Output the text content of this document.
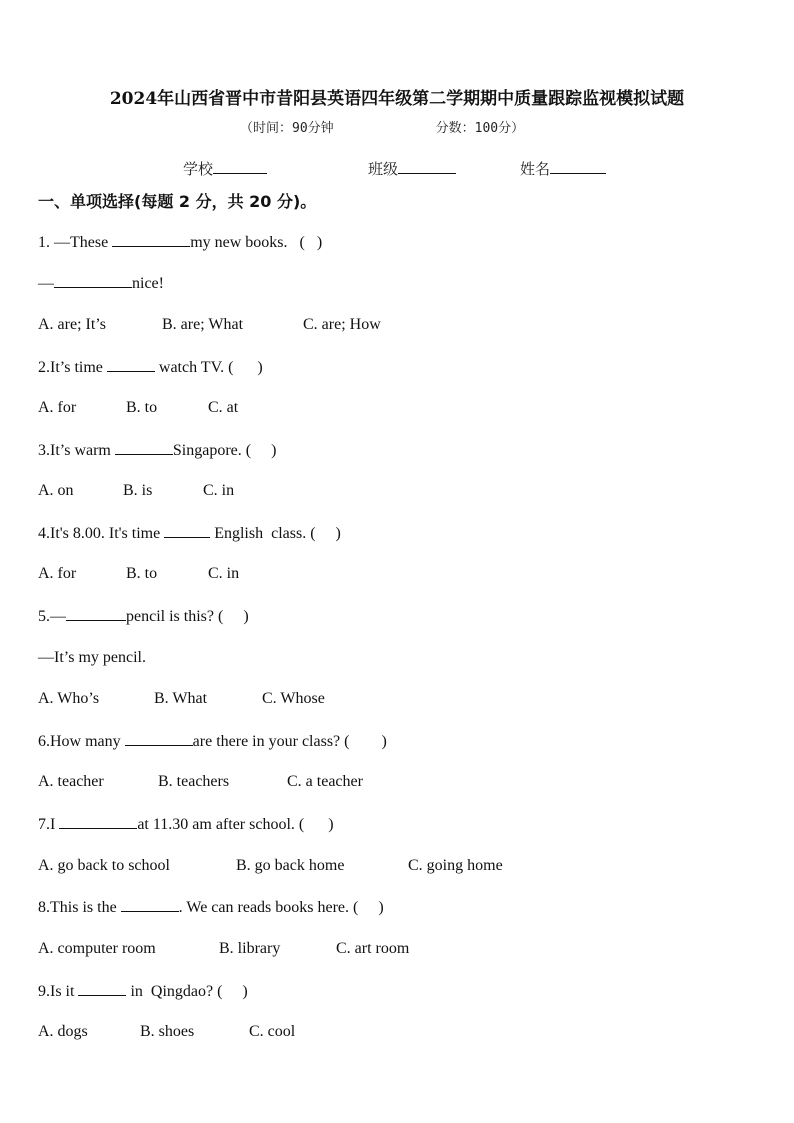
2024年山西省晋中市昔阳县英语四年级第二学期期中质量跟踪监视模拟试题
（时间：90分钟	分数：100分）
学校	班级	姓名
一、单项选择(每题 2 分，共 20 分)。
1. —These	my new books.   (   )
—	nice!
A. are; It’s	B. are; What	C. are; How
2.It’s time	watch TV. (      )
A. for	B. to	C. at
3.It’s warm	Singapore. (     )
A. on	B. is	C. in
4.It's 8.00. It's time	English  class. (     )
A. for	B. to	C. in
5.—	pencil is this? (     )
—It’s my pencil.
A. Who’s	B. What	C. Whose
6.How many	are there in your class? (        )
A. teacher	B. teachers	C. a teacher
7.I	at 11.30 am after school. (      )
A. go back to school	B. go back home	C. going home
8.This is the	. We can reads books here. (     )
A. computer room	B. library	C. art room
9.Is it	in  Qingdao? (     )
A. dogs	B. shoes	C. cool
